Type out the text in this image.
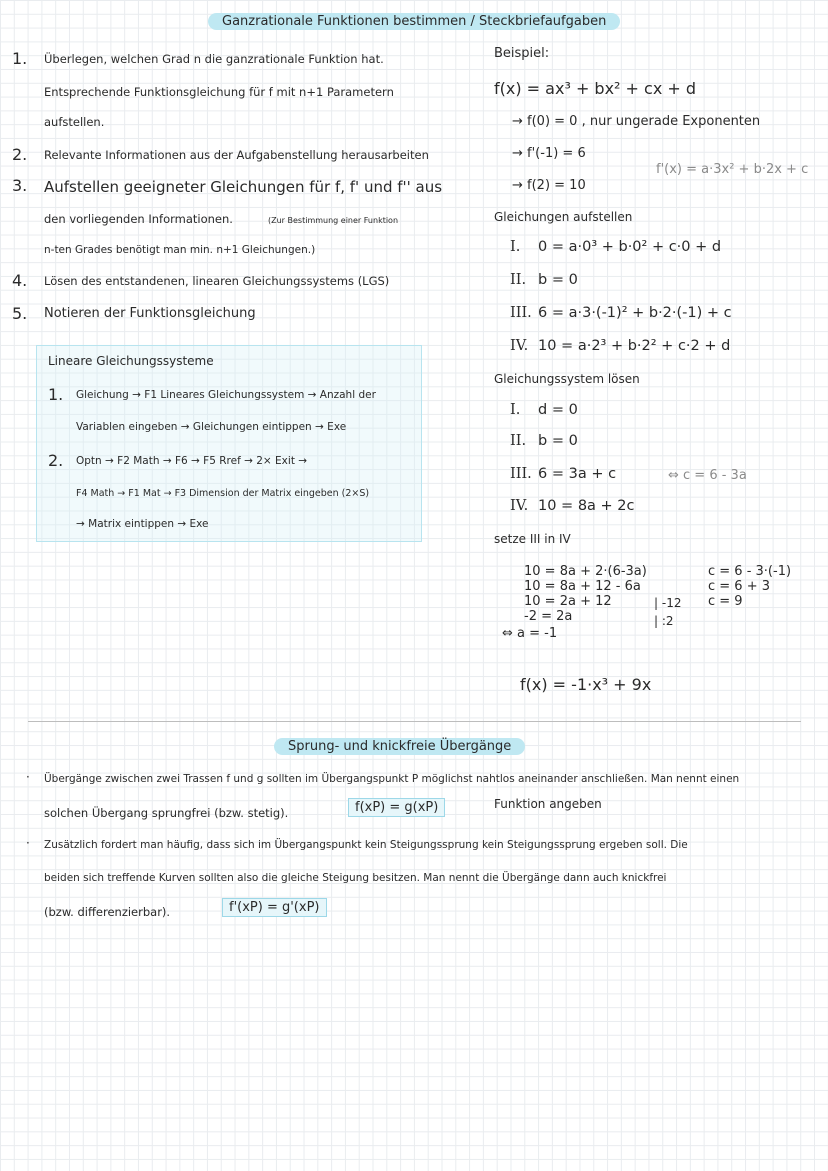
Ganzrationale Funktionen bestimmen / Steckbriefaufgaben
1. Überlegen, welchen Grad n die ganzrationale Funktion hat.
Entsprechende Funktionsgleichung für f mit n+1 Parametern
aufstellen.
2. Relevante Informationen aus der Aufgabenstellung herausarbeiten
3. Aufstellen geeigneter Gleichungen für f, f' und f'' aus
den vorliegenden Informationen.	(Zur Bestimmung einer Funktion
n-ten Grades benötigt man min. n+1 Gleichungen.)
4. Lösen des entstandenen, linearen Gleichungssystems (LGS)
5. Notieren der Funktionsgleichung
Lineare Gleichungssysteme
1. Gleichung → F1 Lineares Gleichungssystem → Anzahl der
Variablen eingeben → Gleichungen eintippen → Exe
2. Optn → F2 Math → F6 → F5 Rref → 2× Exit →
F4 Math → F1 Mat → F3 Dimension der Matrix eingeben (2×S)
→ Matrix eintippen → Exe
Beispiel:
f(x) = ax³ + bx² + cx + d
→ f(0) = 0 , nur ungerade Exponenten
→ f'(-1) = 6
→ f(2) = 10
f'(x) = a·3x² + b·2x + c
Gleichungen aufstellen
I. 0 = a·0³ + b·0² + c·0 + d
II. b = 0
III. 6 = a·3·(-1)² + b·2·(-1) + c
IV. 10 = a·2³ + b·2² + c·2 + d
Gleichungssystem lösen
I. d = 0
II. b = 0
III. 6 = 3a + c	⇔ c = 6 - 3a
IV. 10 = 8a + 2c
setze III in IV
10 = 8a + 2·(6-3a)
10 = 8a + 12 - 6a
10 = 2a + 12
-2 = 2a
⇔ a = -1
| -12
| :2
c = 6 - 3·(-1)
c = 6 + 3
c = 9
f(x) = -1·x³ + 9x
Sprung- und knickfreie Übergänge
· Übergänge zwischen zwei Trassen f und g sollten im Übergangspunkt P möglichst nahtlos aneinander anschließen. Man nennt einen
solchen Übergang sprungfrei (bzw. stetig).	f(xP) = g(xP)	Funktion angeben
· Zusätzlich fordert man häufig, dass sich im Übergangspunkt kein Steigungssprung kein Steigungssprung ergeben soll. Die
beiden sich treffende Kurven sollten also die gleiche Steigung besitzen. Man nennt die Übergänge dann auch knickfrei
(bzw. differenzierbar).	f'(xP) = g'(xP)
